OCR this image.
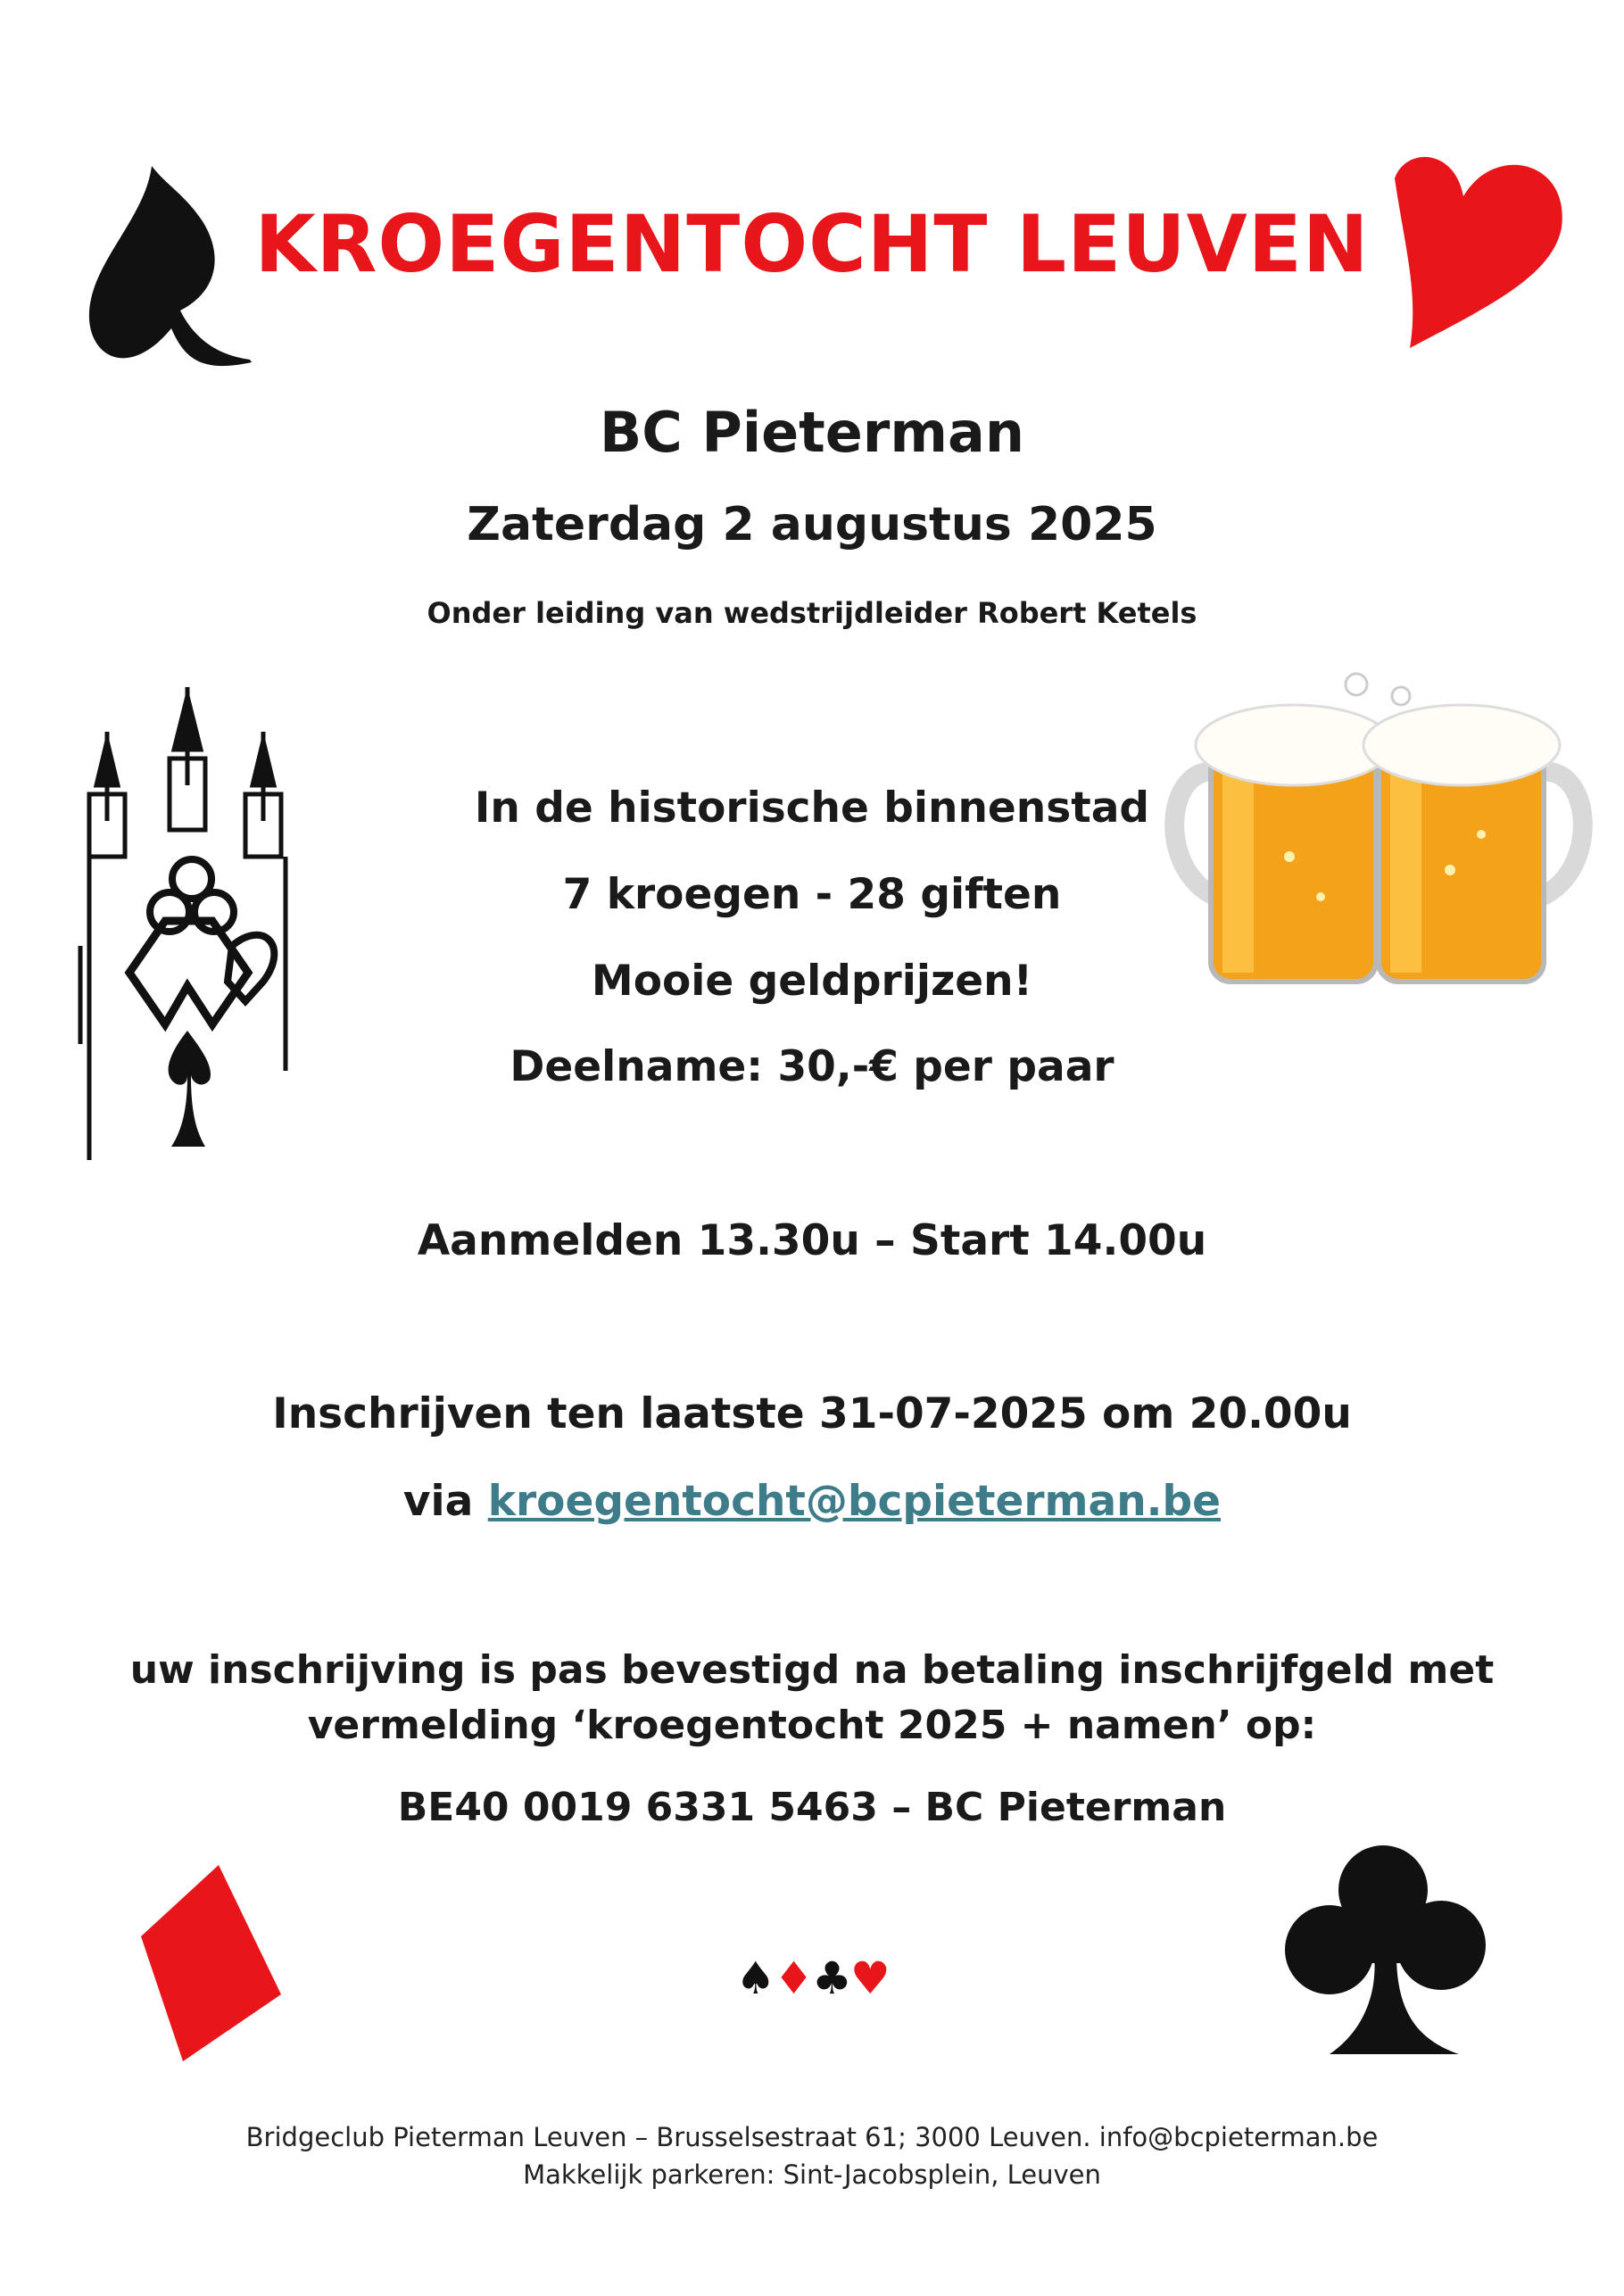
KROEGENTOCHT LEUVEN
BC Pieterman
Zaterdag 2 augustus 2025
Onder leiding van wedstrijdleider Robert Ketels
In de historische binnenstad
7 kroegen - 28 giften
Mooie geldprijzen!
Deelname: 30,-€ per paar
Aanmelden 13.30u – Start 14.00u
Inschrijven ten laatste 31-07-2025 om 20.00u
via kroegentocht@bcpieterman.be
uw inschrijving is pas bevestigd na betaling inschrijfgeld met
vermelding ‘kroegentocht 2025 + namen’ op:
BE40 0019 6331 5463 – BC Pieterman
♠♦♣♥
Bridgeclub Pieterman Leuven – Brusselsestraat 61; 3000 Leuven. info@bcpieterman.be
Makkelijk parkeren: Sint-Jacobsplein, Leuven
